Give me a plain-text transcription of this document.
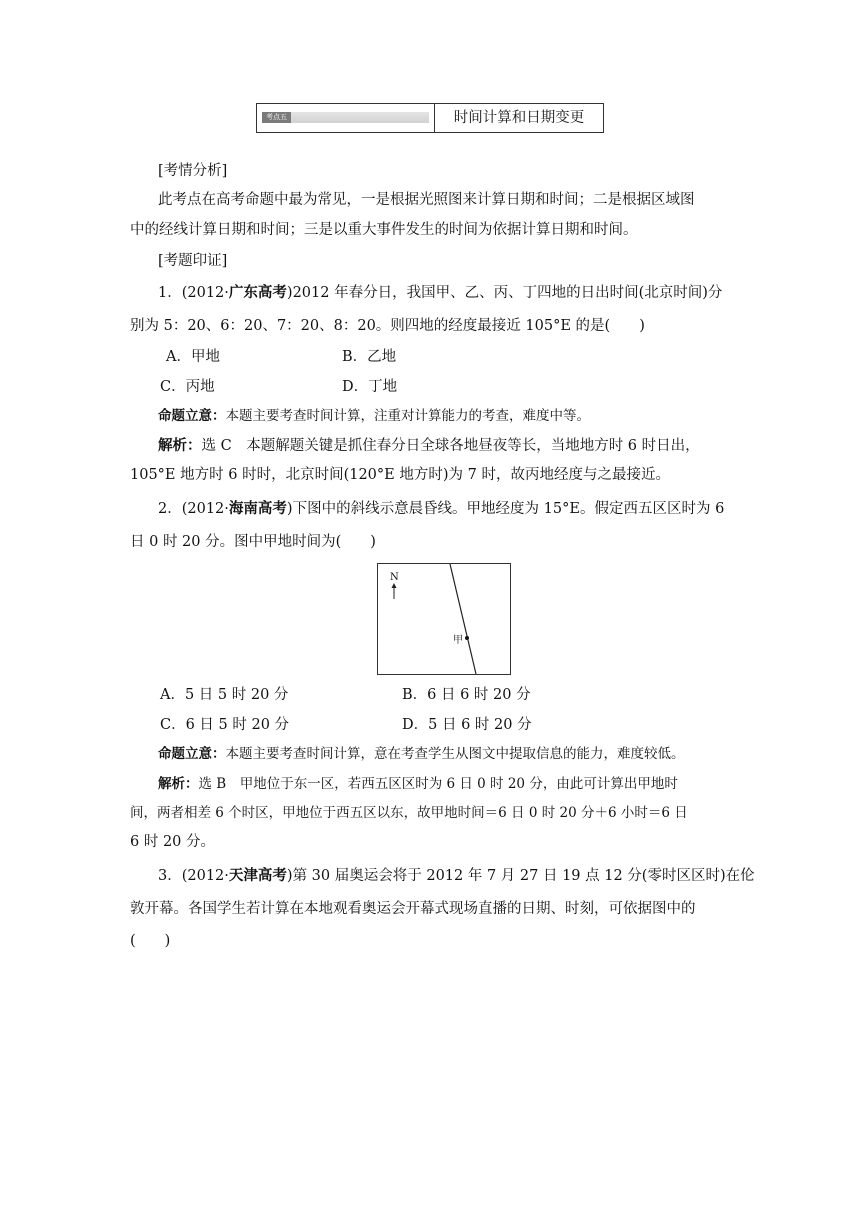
考点五	时间计算和日期变更
[考情分析]
此考点在高考命题中最为常见，一是根据光照图来计算日期和时间；二是根据区域图
中的经线计算日期和时间；三是以重大事件发生的时间为依据计算日期和时间。
[考题印证]
1．(2012·广东高考)2012 年春分日，我国甲、乙、丙、丁四地的日出时间(北京时间)分
别为 5：20、6：20、7：20、8：20。则四地的经度最接近 105°E 的是(　　)
A．甲地	B．乙地
C．丙地	D．丁地
命题立意：本题主要考查时间计算，注重对计算能力的考查，难度中等。
解析：选 C　本题解题关键是抓住春分日全球各地昼夜等长，当地地方时 6 时日出，
105°E 地方时 6 时时，北京时间(120°E 地方时)为 7 时，故丙地经度与之最接近。
2．(2012·海南高考)下图中的斜线示意晨昏线。甲地经度为 15°E。假定西五区区时为 6
日 0 时 20 分。图中甲地时间为(　　)
N
甲
A．5 日 5 时 20 分	B．6 日 6 时 20 分
C．6 日 5 时 20 分	D．5 日 6 时 20 分
命题立意：本题主要考查时间计算，意在考查学生从图文中提取信息的能力，难度较低。
解析：选 B　甲地位于东一区，若西五区区时为 6 日 0 时 20 分，由此可计算出甲地时
间，两者相差 6 个时区，甲地位于西五区以东，故甲地时间＝6 日 0 时 20 分＋6 小时＝6 日
6 时 20 分。
3．(2012·天津高考)第 30 届奥运会将于 2012 年 7 月 27 日 19 点 12 分(零时区区时)在伦
敦开幕。各国学生若计算在本地观看奥运会开幕式现场直播的日期、时刻，可依据图中的
(　　)
